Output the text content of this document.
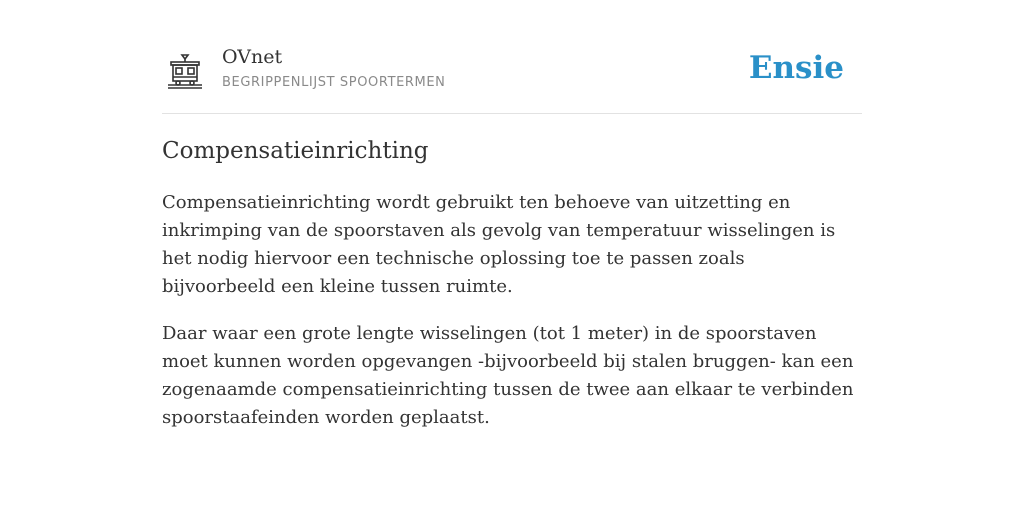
OVnet
BEGRIPPENLIJST SPOORTERMEN	Ensie
Compensatieinrichting

Compensatieinrichting wordt gebruikt ten behoeve van uitzetting en inkrimping van de spoorstaven als gevolg van temperatuur wisselingen is het nodig hiervoor een technische oplossing toe te passen zoals bijvoorbeeld een kleine tussen ruimte.

Daar waar een grote lengte wisselingen (tot 1 meter) in de spoorstaven moet kunnen worden opgevangen -bijvoorbeeld bij stalen bruggen- kan een zogenaamde compensatieinrichting tussen de twee aan elkaar te verbinden spoorstaafeinden worden geplaatst.
